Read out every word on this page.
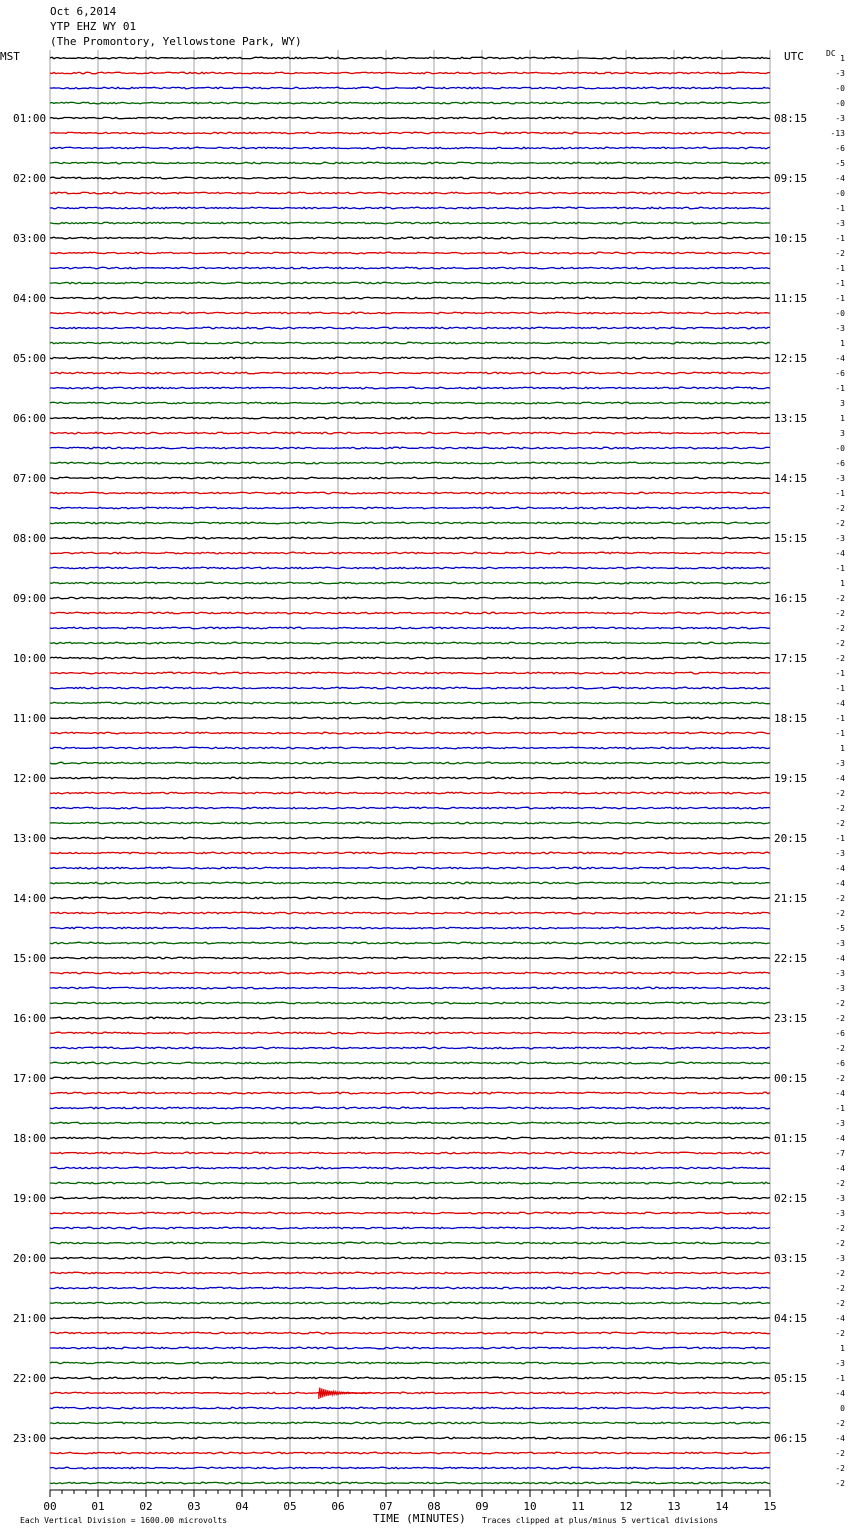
Oct 6,2014
YTP EHZ WY 01
(The Promontory, Yellowstone Park, WY)
01:00
02:00
03:00
04:00
05:00
06:00
07:00
08:00
09:00
10:00
11:00
12:00
13:00
14:00
15:00
16:00
17:00
18:00
19:00
20:00
21:00
22:00
23:00
08:15
09:15
10:15
11:15
12:15
13:15
14:15
15:15
16:15
17:15
18:15
19:15
20:15
21:15
22:15
23:15
00:15
01:15
02:15
03:15
04:15
05:15
06:15
1
-3
-0
-0
-3
-13
-6
-5
-4
-0
-1
-3
-1
-2
-1
-1
-1
-0
-3
1
-4
-6
-1
3
1
3
-0
-6
-3
-1
-2
-2
-3
-4
-1
1
-2
-2
-2
-2
-2
-1
-1
-4
-1
-1
1
-3
-4
-2
-2
-2
-1
-3
-4
-4
-2
-2
-5
-3
-4
-3
-3
-2
-2
-6
-2
-6
-2
-4
-1
-3
-4
-7
-4
-2
-3
-3
-2
-2
-3
-2
-2
-2
-4
-2
1
-3
-1
-4
0
-2
-4
-2
-2
-2
00	01	02	03	04	05	06	07	08	09	10	11	12	13	14	15
MST	UTC	DC
TIME (MINUTES)
Each Vertical Division = 1600.00 microvolts	Traces clipped at plus/minus 5 vertical divisions
